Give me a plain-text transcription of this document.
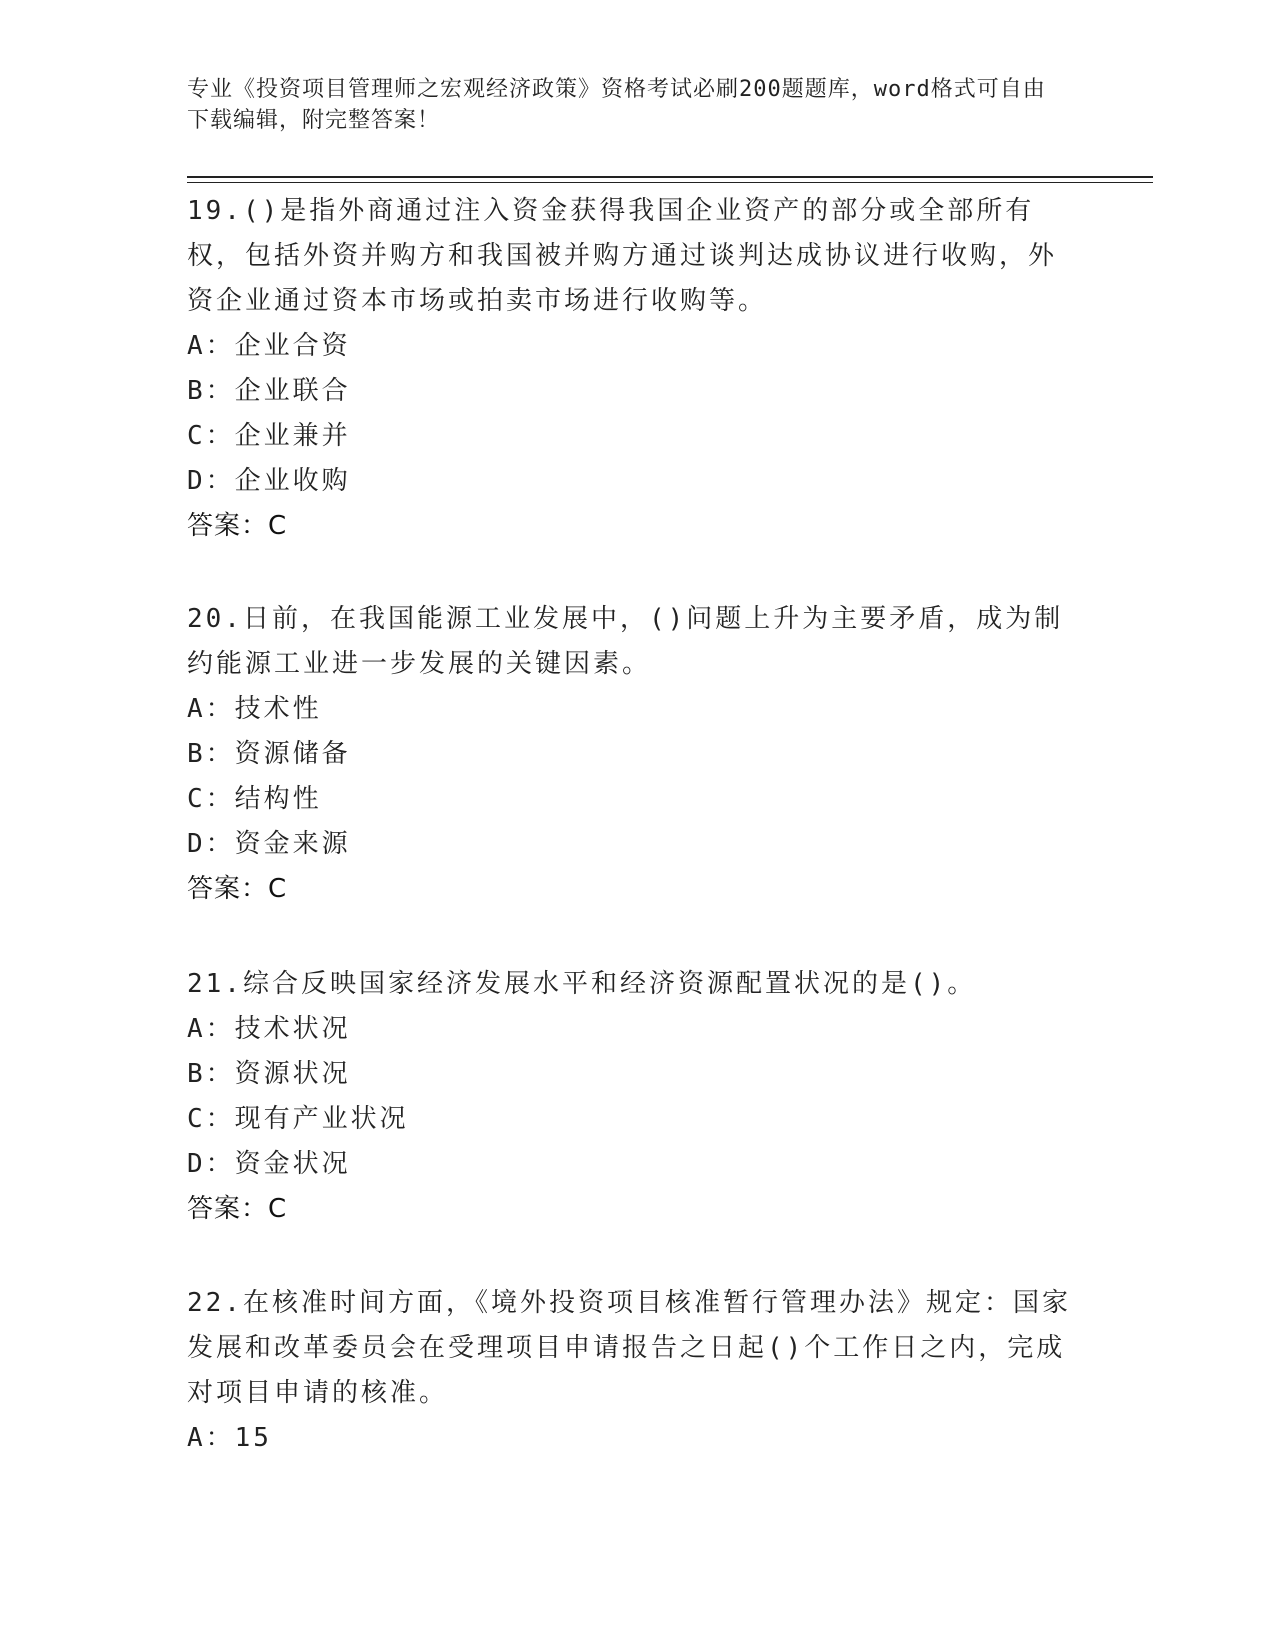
专业《投资项目管理师之宏观经济政策》资格考试必刷200题题库，word格式可自由下载编辑，附完整答案！

19.()是指外商通过注入资金获得我国企业资产的部分或全部所有权，包括外资并购方和我国被并购方通过谈判达成协议进行收购，外资企业通过资本市场或拍卖市场进行收购等。

A：企业合资

B：企业联合

C：企业兼并

D：企业收购

答案：C

20.日前，在我国能源工业发展中，()问题上升为主要矛盾，成为制约能源工业进一步发展的关键因素。

A：技术性

B：资源储备

C：结构性

D：资金来源

答案：C

21.综合反映国家经济发展水平和经济资源配置状况的是()。

A：技术状况

B：资源状况

C：现有产业状况

D：资金状况

答案：C

22.在核准时间方面，《境外投资项目核准暂行管理办法》规定：国家发展和改革委员会在受理项目申请报告之日起()个工作日之内，完成对项目申请的核准。

A：15
